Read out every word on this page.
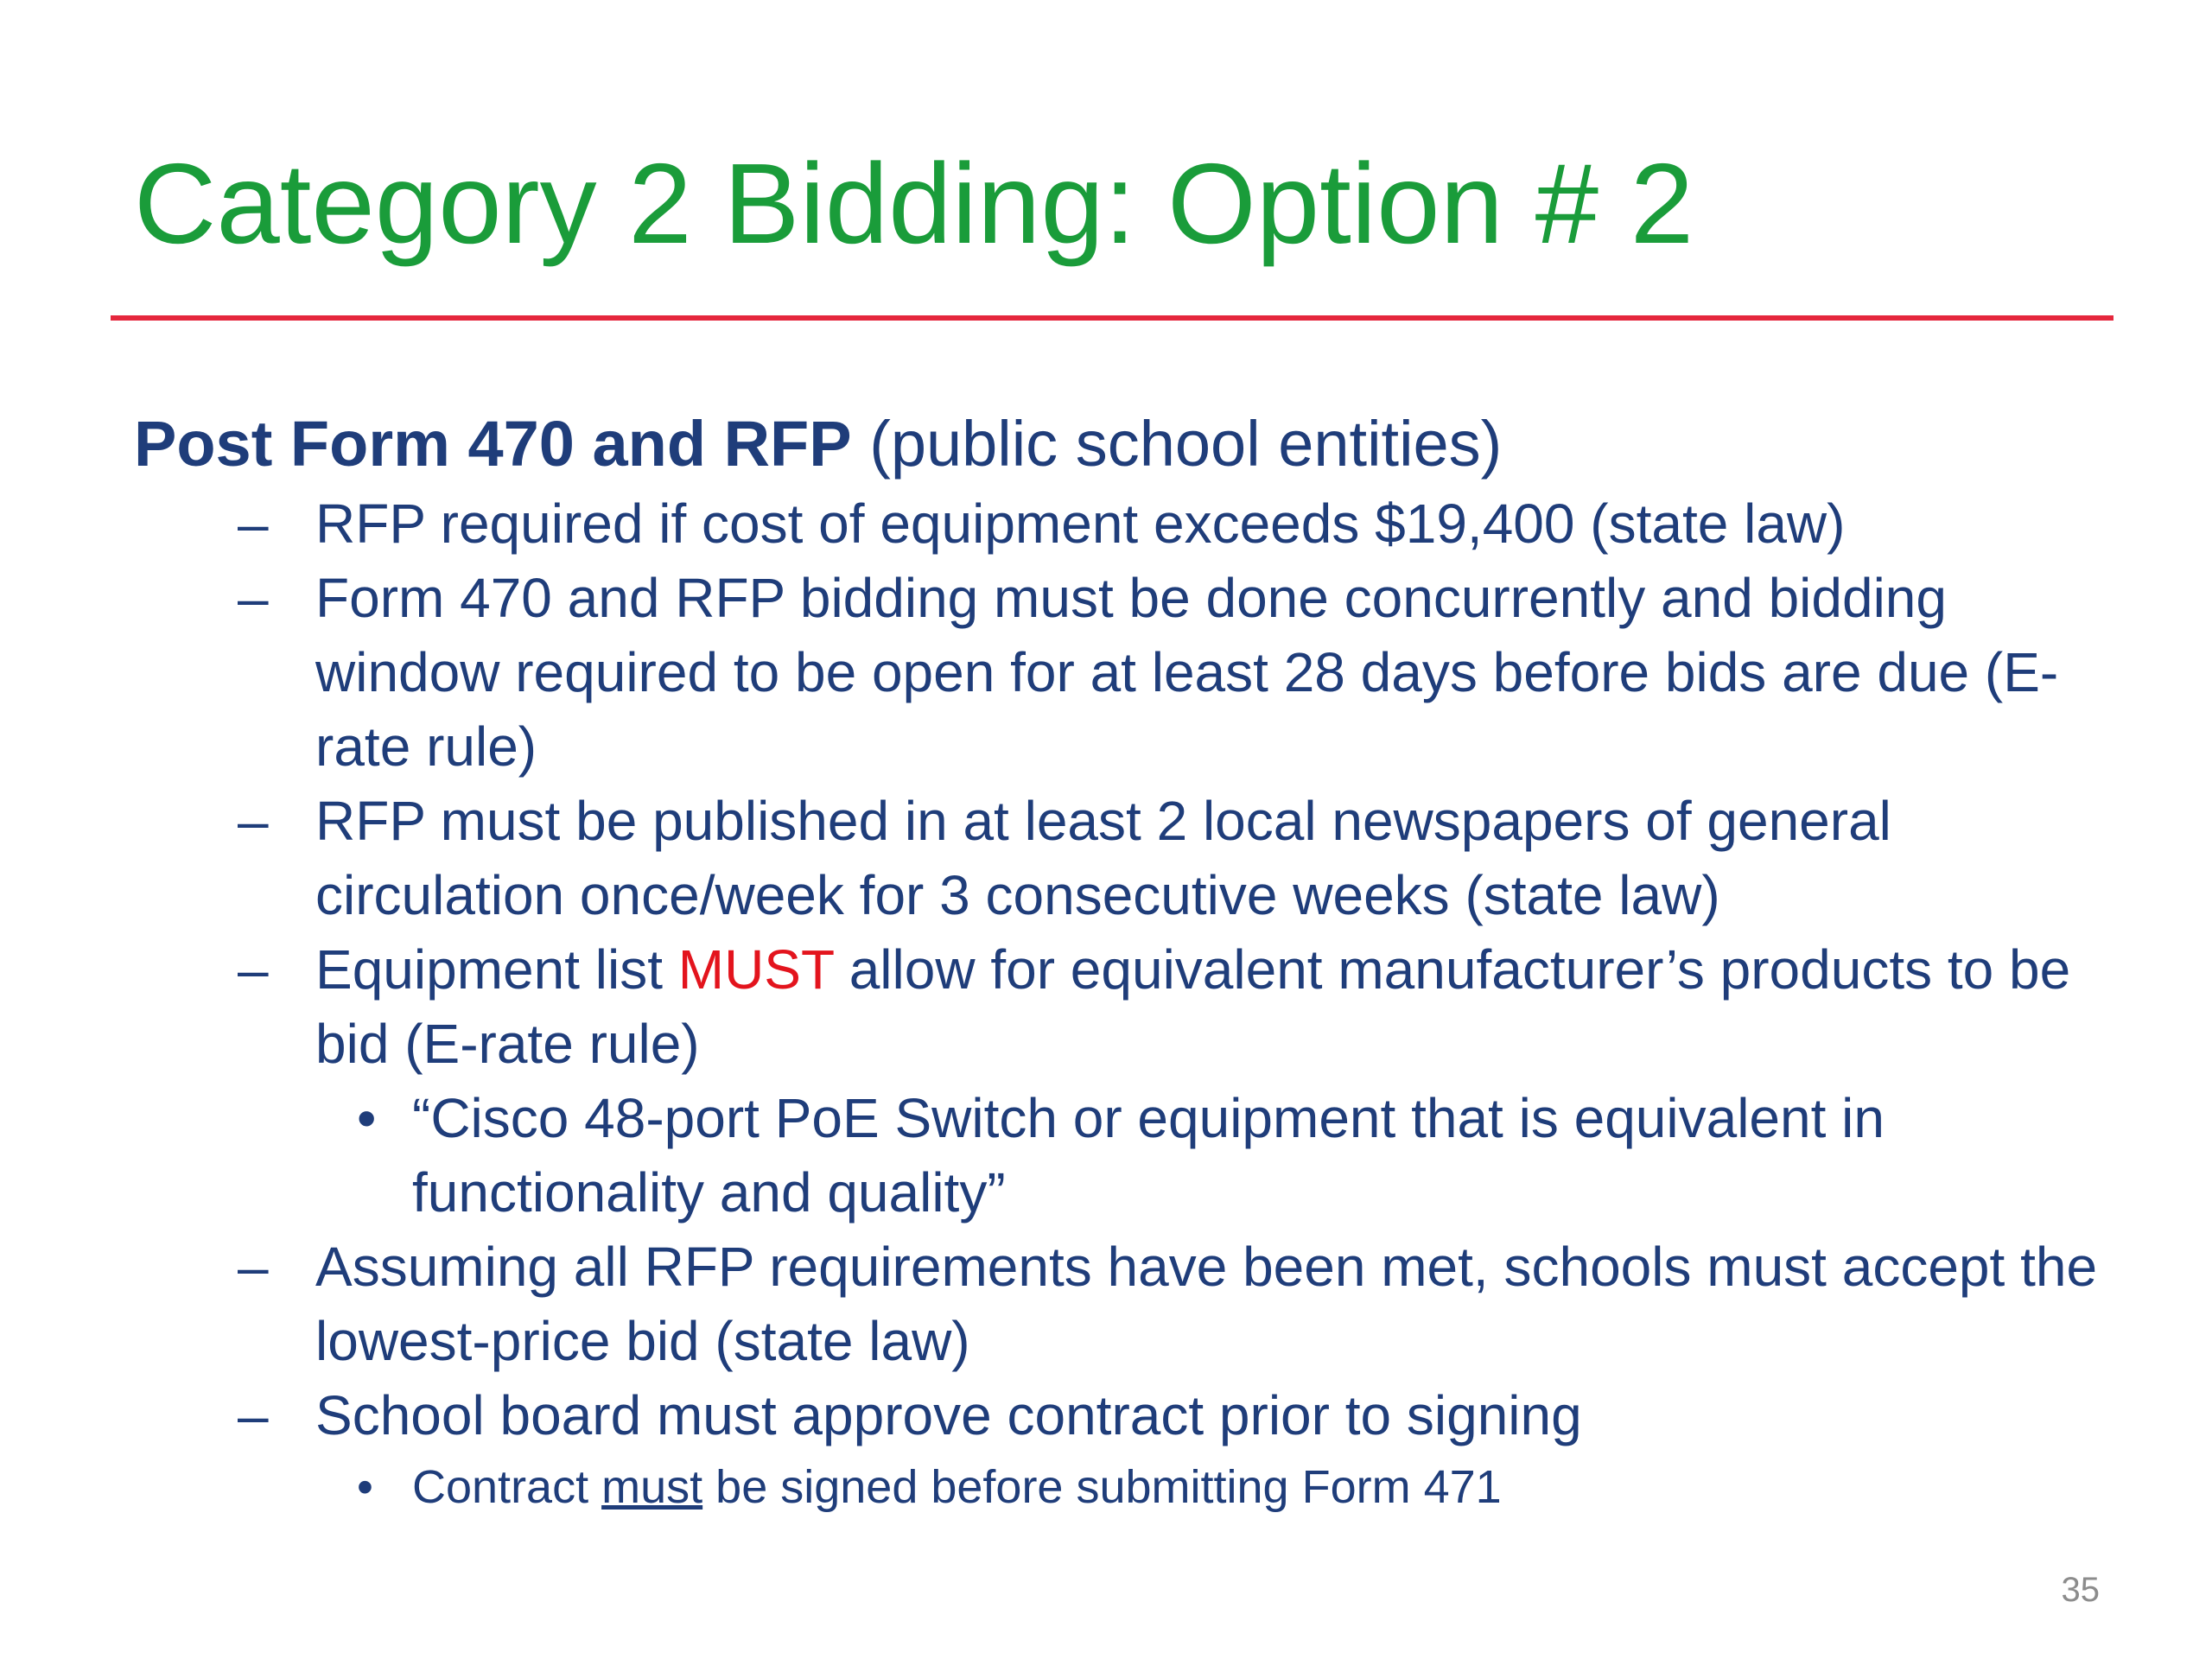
Category 2 Bidding: Option # 2
Post Form 470 and RFP (public school entities)
– RFP required if cost of equipment exceeds $19,400 (state law)
– Form 470 and RFP bidding must be done concurrently and bidding window required to be open for at least 28 days before bids are due (E-rate rule)
– RFP must be published in at least 2 local newspapers of general circulation once/week for 3 consecutive weeks (state law)
– Equipment list MUST allow for equivalent manufacturer’s products to be bid (E-rate rule)
• “Cisco 48-port PoE Switch or equipment that is equivalent in functionality and quality”
– Assuming all RFP requirements have been met, schools must accept the lowest-price bid (state law)
– School board must approve contract prior to signing
• Contract must be signed before submitting Form 471
35
